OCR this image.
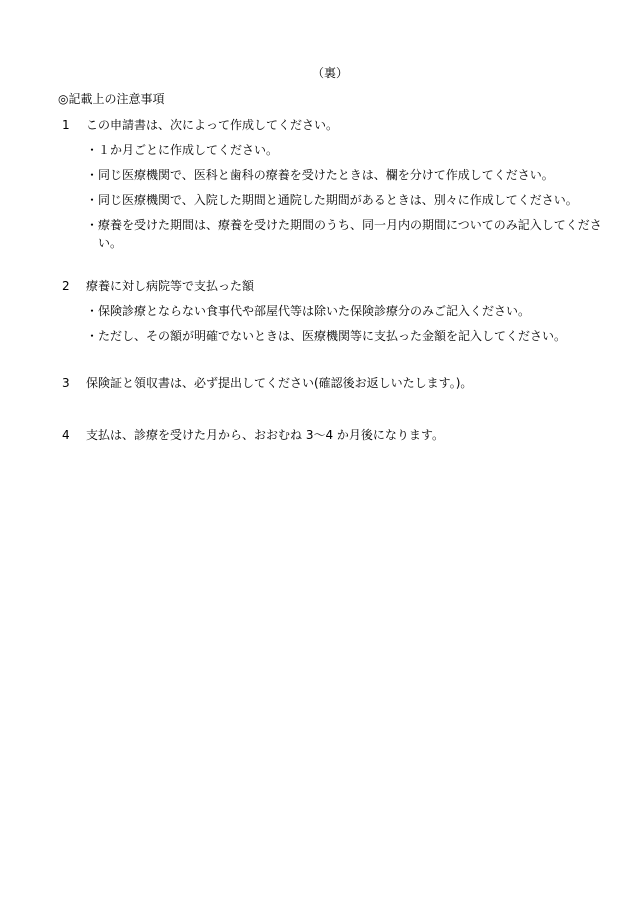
（裏）
◎記載上の注意事項
1	この申請書は、次によって作成してください。
・ １か月ごとに作成してください。
・ 同じ医療機関で、医科と歯科の療養を受けたときは、欄を分けて作成してください。
・ 同じ医療機関で、入院した期間と通院した期間があるときは、別々に作成してください。
・ 療養を受けた期間は、療養を受けた期間のうち、同一月内の期間についてのみ記入してください。
2	療養に対し病院等で支払った額
・ 保険診療とならない食事代や部屋代等は除いた保険診療分のみご記入ください。
・ ただし、その額が明確でないときは、医療機関等に支払った金額を記入してください。
3	保険証と領収書は、必ず提出してください(確認後お返しいたします。)。
4	支払は、診療を受けた月から、おおむね 3〜4 か月後になります。
